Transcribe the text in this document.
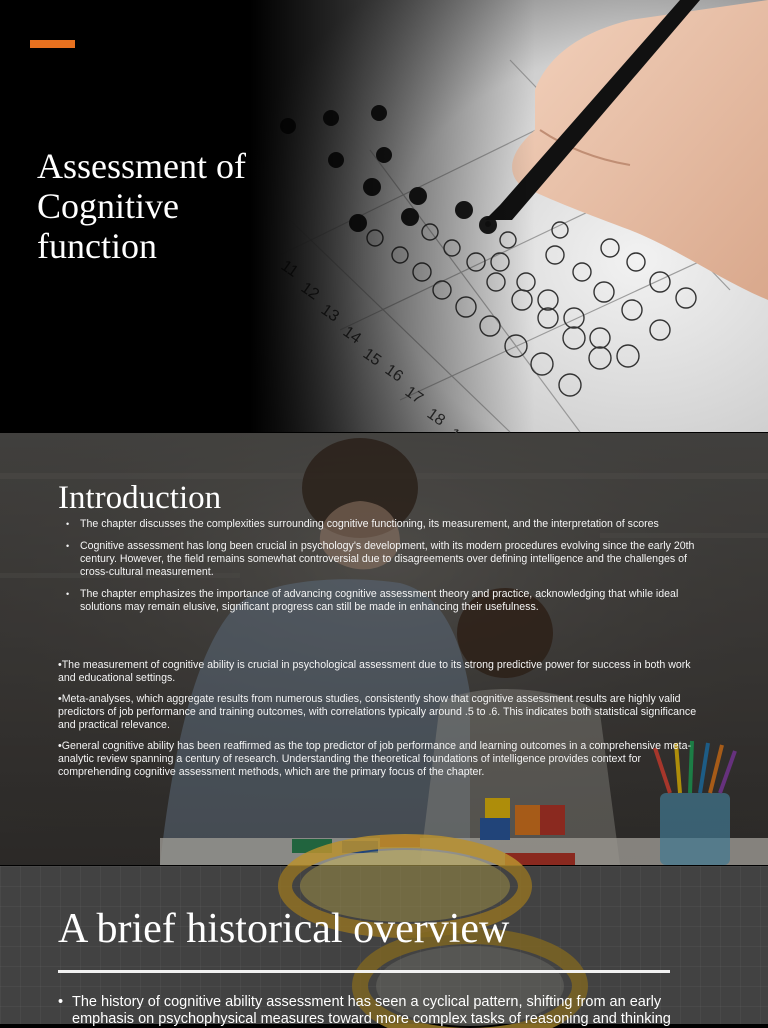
Assessment of Cognitive function
Introduction
• The chapter discusses the complexities surrounding cognitive functioning, its measurement, and the interpretation of scores
• Cognitive assessment has long been crucial in psychology's development, with its modern procedures evolving since the early 20th century. However, the field remains somewhat controversial due to disagreements over defining intelligence and the challenges of cross-cultural measurement.
• The chapter emphasizes the importance of advancing cognitive assessment theory and practice, acknowledging that while ideal solutions may remain elusive, significant progress can still be made in enhancing their usefulness.

•The measurement of cognitive ability is crucial in psychological assessment due to its strong predictive power for success in both work and educational settings.

•Meta-analyses, which aggregate results from numerous studies, consistently show that cognitive assessment results are highly valid predictors of job performance and training outcomes, with correlations typically around .5 to .6. This indicates both statistical significance and practical relevance.

•General cognitive ability has been reaffirmed as the top predictor of job performance and learning outcomes in a comprehensive meta-analytic review spanning a century of research. Understanding the theoretical foundations of intelligence provides context for comprehending cognitive assessment methods, which are the primary focus of the chapter.

A brief historical overview

• The history of cognitive ability assessment has seen a cyclical pattern, shifting from an early emphasis on psychophysical measures toward more complex tasks of reasoning and thinking
